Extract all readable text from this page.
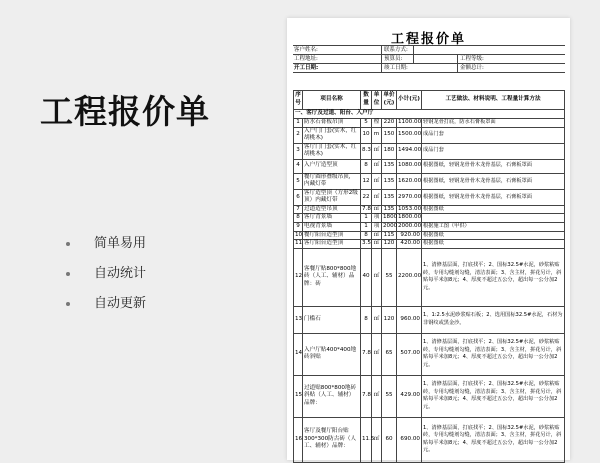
工程报价单
简单易用
自动统计
自动更新
工程报价单
客户姓名:	联系方式:
工程地址:	预算员:	工程等级:
开工日期:	竣工日期:	金额总计:
序号	项目名称	数量	单位	单价(元)	小计(元)	工艺做法、材料说明、工程量计算方法
一、客厅及过道、阳台、入户厅						
1	防水石膏板吊顶	5	樘	220	1100.00	轻钢龙骨打底，防水石膏板罩面
2	入户门门套(实木，红胡桃木)	10	m	150	1500.00	成品门套
3	客厅门门套(实木，红胡桃木)	8.3	㎡	180	1494.00	成品门套
4	入户厅造型顶	8	㎡	135	1080.00	根据图纸，轻钢龙骨骨木龙骨基层，石膏板罩面
5	餐厅圆形叠级吊顶，内藏灯带	12	㎡	135	1620.00	根据图纸，轻钢龙骨骨木龙骨基层，石膏板罩面
6	客厅造型顶（方形2级顶）内藏灯带	22	㎡	135	2970.00	根据图纸，轻钢龙骨骨木龙骨基层，石膏板罩面
7	过道造型吊顶	7.8	㎡	135	1053.00	根据图纸
8	客厅背景墙	1	项	1800	1800.00	
9	电视背景墙	1	项	2000	2000.00	根据施工图（甲供）
10	餐厅阳台造型顶	8	㎡	115	920.00	根据图纸
11	客厅阳台造型顶	3.5	㎡	120	420.00	根据图纸
12	客餐厅贴800*800地砖（人工、辅材）品牌：砖	40	㎡	55	2200.00	1、清修基层面，打底找平；2、国标32.5#水泥，砂浆粘贴砖，专用勾缝剂勾缝，清洁表面；3、含主材，拼花另计，斜贴每平米加8元；4、厚度不超过五公分，超出每一公分加2元。
13	门槛石	8	㎡	120	960.00	1、1:2.5水泥砂浆贴石板；2、选用国标32.5#水泥，石材为非钢纹或黑金沙。
14	入户厅贴400*400地砖斜贴	7.8	㎡	65	507.00	1、清修基层面，打底找平；2、国标32.5#水泥，砂浆粘贴砖，专用勾缝剂勾缝，清洁表面；3、含主材，拼花另计，斜贴每平米加8元；4、厚度不超过五公分，超出每一公分加2元。
15	过道贴800*800地砖斜贴（人工、辅材）品牌：	7.8	㎡	55	429.00	1、清修基层面，打底找平；2、国标32.5#水泥，砂浆粘贴砖，专用勾缝剂勾缝，清洁表面；3、含主材，拼花另计，斜贴每平米加8元；4、厚度不超过五公分，超出每一公分加2元。
16	客厅及餐厅阳台贴300*300防古砖（人工、辅材）品牌：	11.5	㎡	60	690.00	1、清修基层面，打底找平；2、国标32.5#水泥，砂浆粘贴砖，专用勾缝剂勾缝，清洁表面；3、含主材，拼花另计，斜贴每平米加8元；4、厚度不超过五公分，超出每一公分加2元。
